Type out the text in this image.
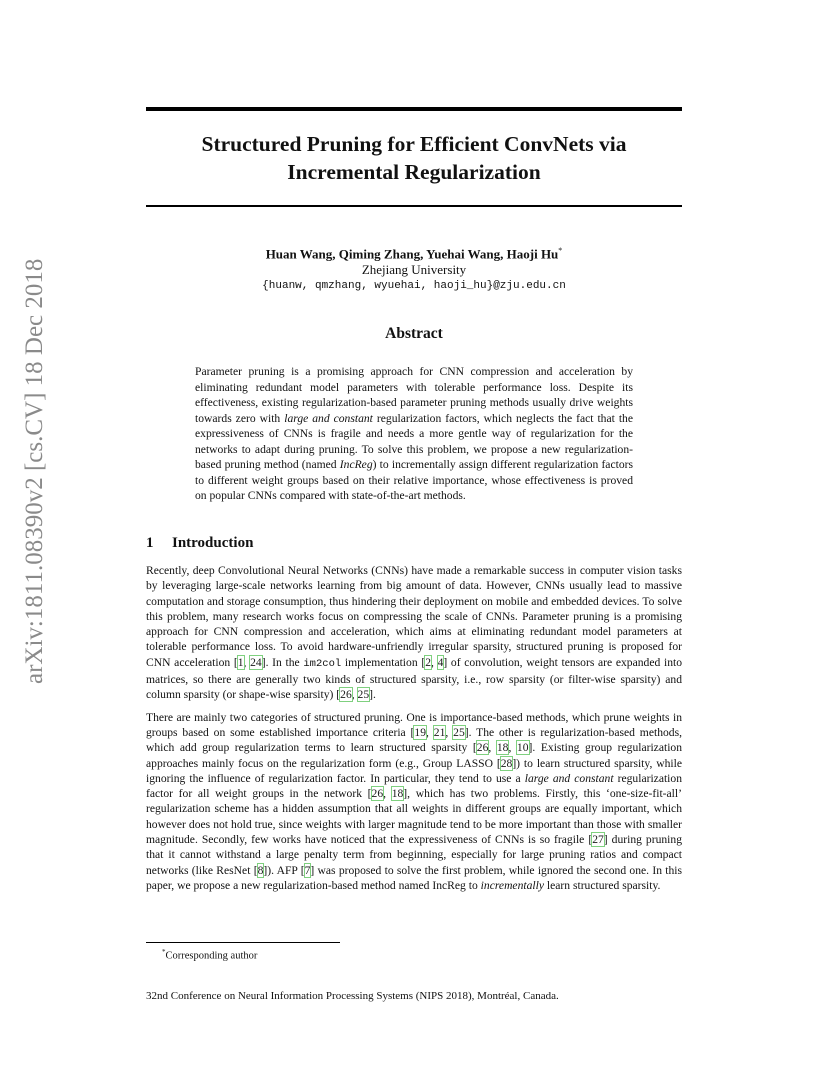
arXiv:1811.08390v2 [cs.CV] 18 Dec 2018
Structured Pruning for Efficient ConvNets via
Incremental Regularization
Huan Wang, Qiming Zhang, Yuehai Wang, Haoji Hu*
Zhejiang University
{huanw, qmzhang, wyuehai, haoji_hu}@zju.edu.cn
Abstract

Parameter pruning is a promising approach for CNN compression and acceleration by eliminating redundant model parameters with tolerable performance loss. Despite its effectiveness, existing regularization-based parameter pruning methods usually drive weights towards zero with large and constant regularization factors, which neglects the fact that the expressiveness of CNNs is fragile and needs a more gentle way of regularization for the networks to adapt during pruning. To solve this problem, we propose a new regularization-based pruning method (named IncReg) to incrementally assign different regularization factors to different weight groups based on their relative importance, whose effectiveness is proved on popular CNNs compared with state-of-the-art methods.

1 Introduction

Recently, deep Convolutional Neural Networks (CNNs) have made a remarkable success in computer vision tasks by leveraging large-scale networks learning from big amount of data. However, CNNs usually lead to massive computation and storage consumption, thus hindering their deployment on mobile and embedded devices. To solve this problem, many research works focus on compressing the scale of CNNs. Parameter pruning is a promising approach for CNN compression and acceleration, which aims at eliminating redundant model parameters at tolerable performance loss. To avoid hardware-unfriendly irregular sparsity, structured pruning is proposed for CNN acceleration [1, 24]. In the im2col implementation [2, 4] of convolution, weight tensors are expanded into matrices, so there are generally two kinds of structured sparsity, i.e., row sparsity (or filter-wise sparsity) and column sparsity (or shape-wise sparsity) [26, 25].

There are mainly two categories of structured pruning. One is importance-based methods, which prune weights in groups based on some established importance criteria [19, 21, 25]. The other is regularization-based methods, which add group regularization terms to learn structured sparsity [26, 18, 10]. Existing group regularization approaches mainly focus on the regularization form (e.g., Group LASSO [28]) to learn structured sparsity, while ignoring the influence of regularization factor. In particular, they tend to use a large and constant regularization factor for all weight groups in the network [26, 18], which has two problems. Firstly, this ‘one-size-fit-all’ regularization scheme has a hidden assumption that all weights in different groups are equally important, which however does not hold true, since weights with larger magnitude tend to be more important than those with smaller magnitude. Secondly, few works have noticed that the expressiveness of CNNs is so fragile [27] during pruning that it cannot withstand a large penalty term from beginning, especially for large pruning ratios and compact networks (like ResNet [8]). AFP [7] was proposed to solve the first problem, while ignored the second one. In this paper, we propose a new regularization-based method named IncReg to incrementally learn structured sparsity.

*Corresponding author
32nd Conference on Neural Information Processing Systems (NIPS 2018), Montréal, Canada.
